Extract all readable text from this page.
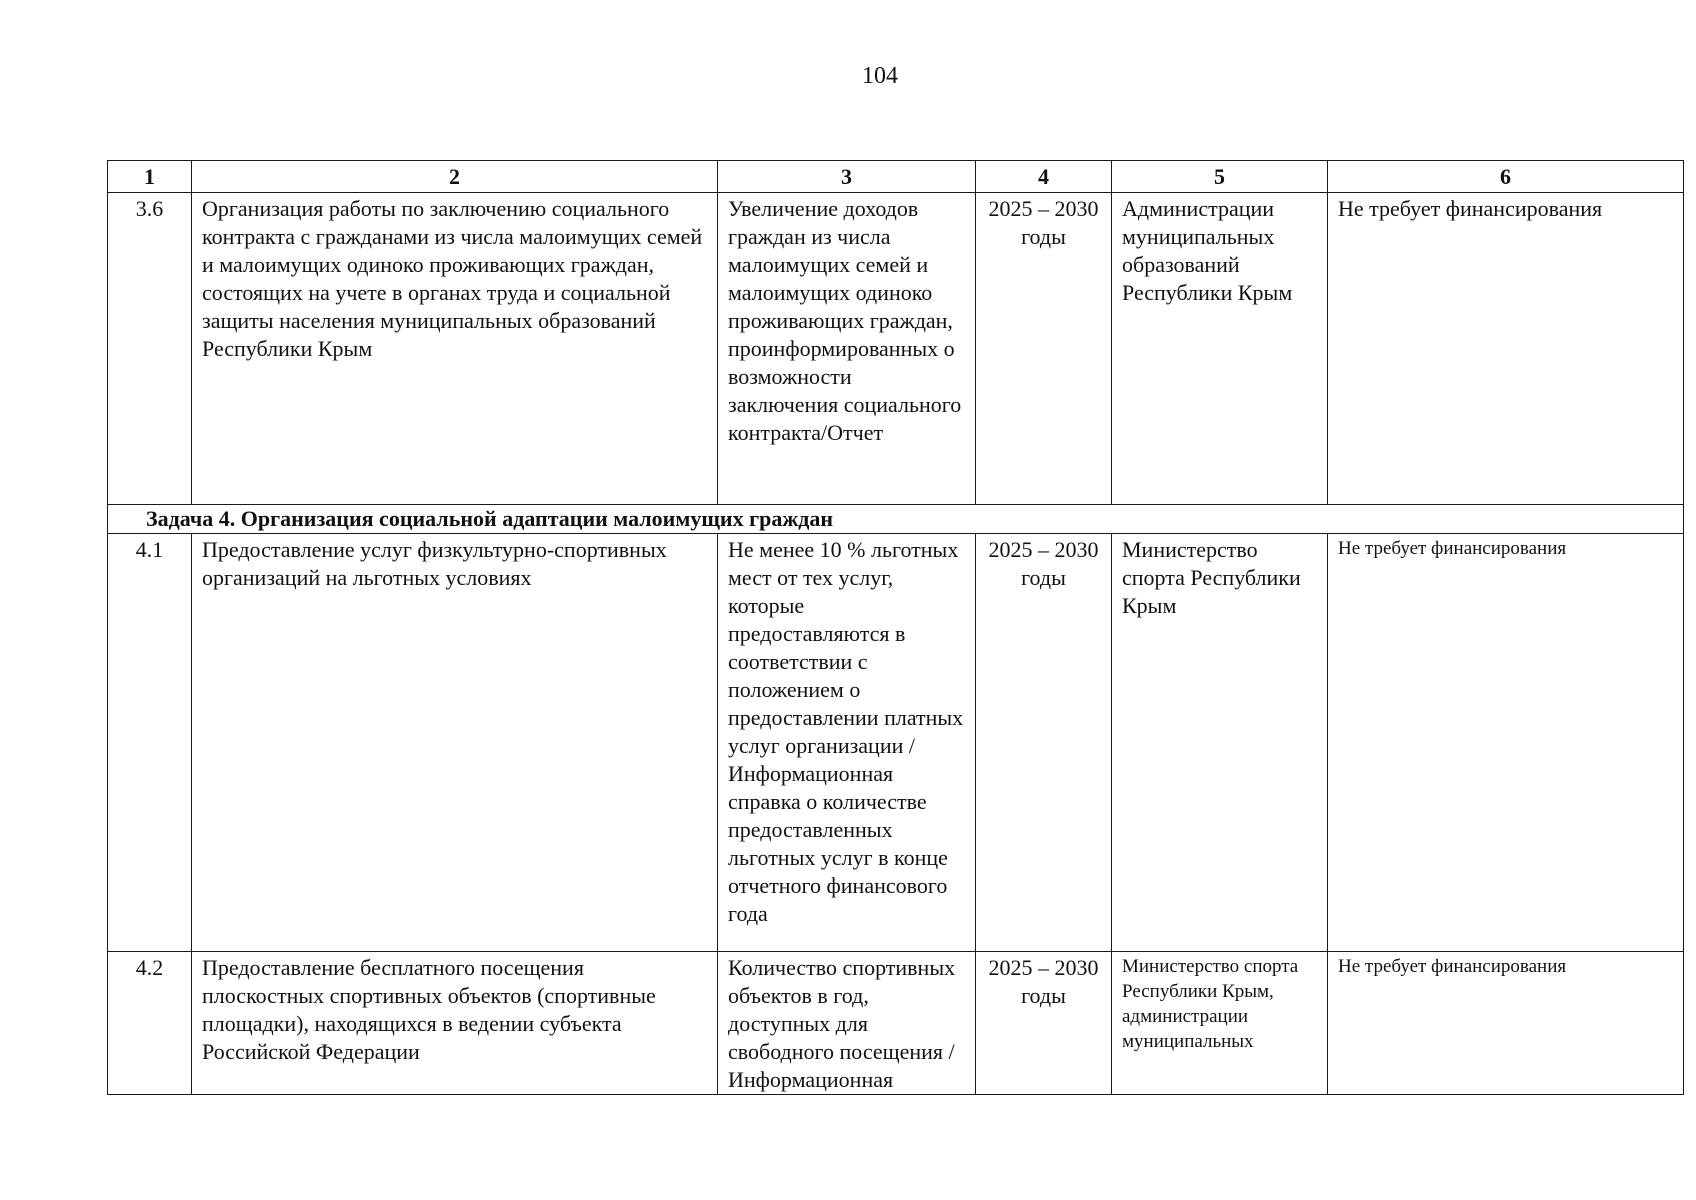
104
1	2	3	4	5	6
3.6	Организация работы по заключению социального контракта с гражданами из числа малоимущих семей и малоимущих одиноко проживающих граждан, состоящих на учете в органах труда и социальной защиты населения муниципальных образований Республики Крым	Увеличение доходов граждан из числа малоимущих семей и малоимущих одиноко проживающих граждан, проинформированных о возможности заключения социального контракта/Отчет	2025 – 2030 годы	Администрации муниципальных образований Республики Крым	Не требует финансирования
Задача 4. Организация социальной адаптации малоимущих граждан					
4.1	Предоставление услуг физкультурно-спортивных организаций на льготных условиях	Не менее 10 % льготных мест от тех услуг, которые предоставляются в соответствии с положением о предоставлении платных услуг организации / Информационная справка о количестве предоставленных льготных услуг в конце отчетного финансового года	2025 – 2030 годы	Министерство спорта Республики Крым	Не требует финансирования
4.2	Предоставление бесплатного посещения плоскостных спортивных объектов (спортивные площадки), находящихся в ведении субъекта Российской Федерации	Количество спортивных объектов в год, доступных для свободного посещения / Информационная	2025 – 2030 годы	Министерство спорта Республики Крым, администрации муниципальных	Не требует финансирования
